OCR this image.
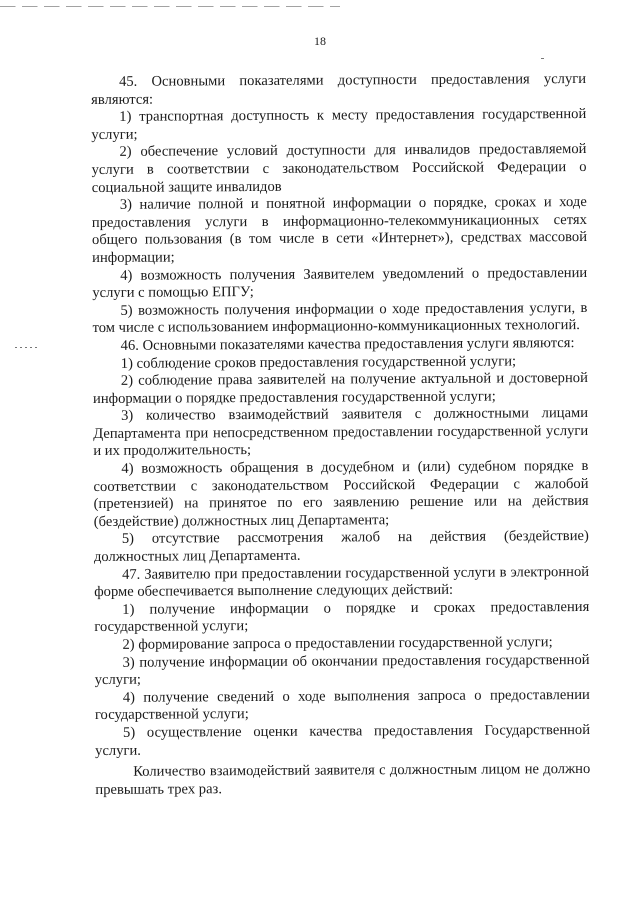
18

45. Основными показателями доступности предоставления услуги являются:

1) транспортная доступность к месту предоставления государственной услуги;

2) обеспечение условий доступности для инвалидов предоставляемой услуги в соответствии с законодательством Российской Федерации о социальной защите инвалидов

3) наличие полной и понятной информации о порядке, сроках и ходе предоставления услуги в информационно-телекоммуникационных сетях общего пользования (в том числе в сети «Интернет»), средствах массовой информации;

4) возможность получения Заявителем уведомлений о предоставлении услуги с помощью ЕПГУ;

5) возможность получения информации о ходе предоставления услуги, в том числе с использованием информационно-коммуникационных технологий.

46. Основными показателями качества предоставления услуги являются:

1) соблюдение сроков предоставления государственной услуги;

2) соблюдение права заявителей на получение актуальной и достоверной информации о порядке предоставления государственной услуги;

3) количество взаимодействий заявителя с должностными лицами Департамента при непосредственном предоставлении государственной услуги и их продолжительность;

4) возможность обращения в досудебном и (или) судебном порядке в соответствии с законодательством Российской Федерации с жалобой (претензией) на принятое по его заявлению решение или на действия (бездействие) должностных лиц Департамента;

5) отсутствие рассмотрения жалоб на действия (бездействие) должностных лиц Департамента.

47. Заявителю при предоставлении государственной услуги в электронной форме обеспечивается выполнение следующих действий:

1) получение информации о порядке и сроках предоставления государственной услуги;

2) формирование запроса о предоставлении государственной услуги;

3) получение информации об окончании предоставления государственной услуги;

4) получение сведений о ходе выполнения запроса о предоставлении государственной услуги;

5) осуществление оценки качества предоставления Государственной услуги.

Количество взаимодействий заявителя с должностным лицом не должно превышать трех раз.
